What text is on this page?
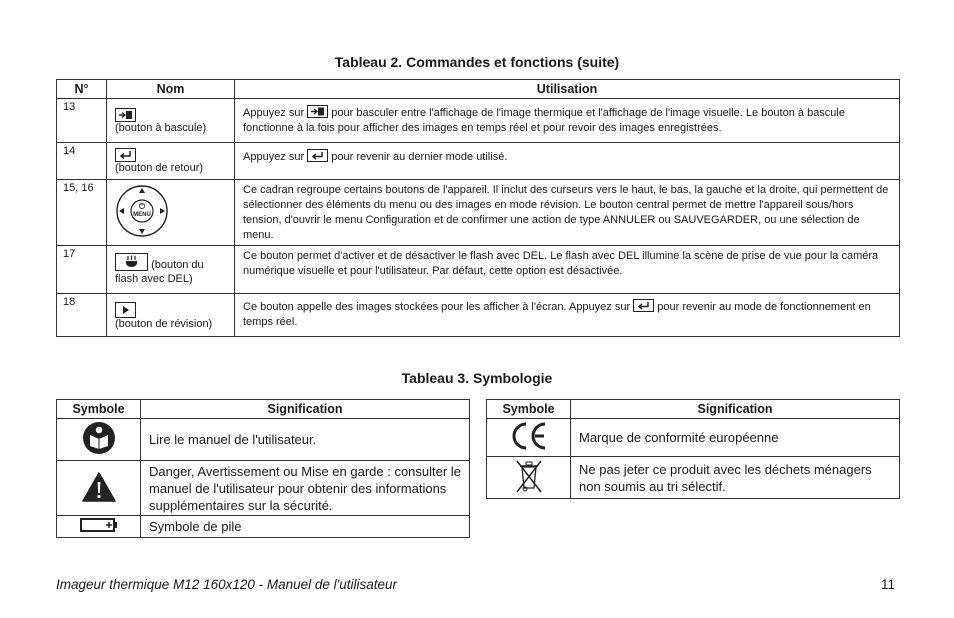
Tableau 2. Commandes et fonctions (suite)
N°	Nom	Utilisation
13	(bouton à bascule)	Appuyez sur pour basculer entre l'affichage de l'image thermique et l'affichage de l'image visuelle. Le bouton à bascule fonctionne à la fois pour afficher des images en temps réel et pour revoir des images enregistrées.
14	(bouton de retour)	Appuyez sur pour revenir au dernier mode utilisé.
15, 16	MENU	Ce cadran regroupe certains boutons de l'appareil. Il inclut des curseurs vers le haut, le bas, la gauche et la droite, qui permettent de sélectionner des éléments du menu ou des images en mode révision. Le bouton central permet de mettre l'appareil sous/hors tension, d'ouvrir le menu Configuration et de confirmer une action de type ANNULER ou SAUVEGARDER, ou une sélection de menu.
17	(bouton du flash avec DEL)	Ce bouton permet d'activer et de désactiver le flash avec DEL. Le flash avec DEL illumine la scène de prise de vue pour la caméra numérique visuelle et pour l'utilisateur. Par défaut, cette option est désactivée.
18	(bouton de révision)	Ce bouton appelle des images stockées pour les afficher à l'écran. Appuyez sur pour revenir au mode de fonctionnement en temps réel.
Tableau 3. Symbologie
Symbole	Signification
	Lire le manuel de l'utilisateur.
	Danger, Avertissement ou Mise en garde : consulter le manuel de l'utilisateur pour obtenir des informations supplémentaires sur la sécurité.
	Symbole de pile
Symbole	Signification
	Marque de conformité européenne
	Ne pas jeter ce produit avec les déchets ménagers non soumis au tri sélectif.
Imageur thermique M12 160x120 - Manuel de l'utilisateur	11
